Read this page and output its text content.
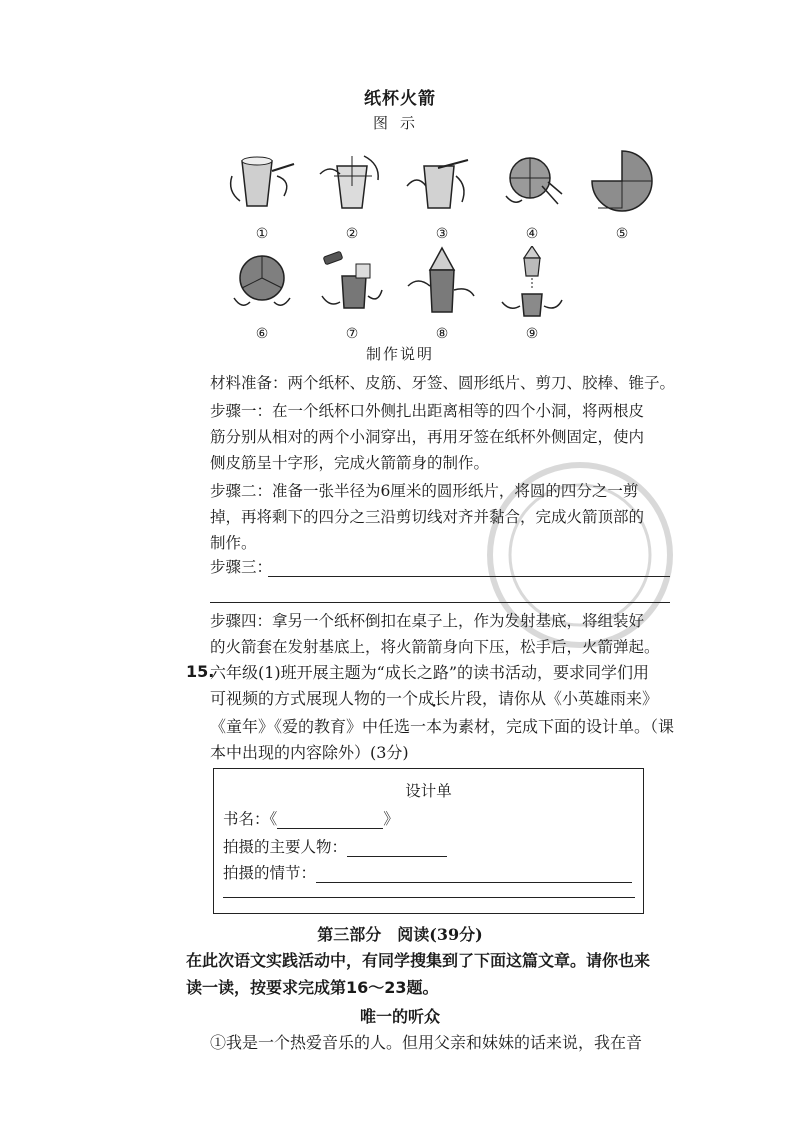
纸杯火箭
图示
①	②	③	④	⑤
⑥	⑦	⑧	⑨
制作说明
材料准备：两个纸杯、皮筋、牙签、圆形纸片、剪刀、胶棒、锥子。
步骤一：在一个纸杯口外侧扎出距离相等的四个小洞，将两根皮
筋分别从相对的两个小洞穿出，再用牙签在纸杯外侧固定，使内
侧皮筋呈十字形，完成火箭箭身的制作。
步骤二：准备一张半径为6厘米的圆形纸片，将圆的四分之一剪
掉，再将剩下的四分之三沿剪切线对齐并黏合，完成火箭顶部的
制作。
步骤三：
步骤四：拿另一个纸杯倒扣在桌子上，作为发射基底，将组装好
的火箭套在发射基底上，将火箭箭身向下压，松手后，火箭弹起。
15.
六年级(1)班开展主题为“成长之路”的读书活动，要求同学们用
可视频的方式展现人物的一个成长片段 •，请你从《小英雄雨来》
《童年》《爱的教育》中任选一本为素材，完成下面的设计单。（课
本中出现的内容除外）(3分)
设计单
书名：《	》
拍摄的主要人物：
拍摄的情节：
第三部分　阅读(39分)
在此次语文实践活动中，有同学搜集到了下面这篇文章。请你也来
读一读，按要求完成第16～23题。
唯一的听众
①我是一个热爱音乐的人。但用父亲和妹妹的话来说，我在音
